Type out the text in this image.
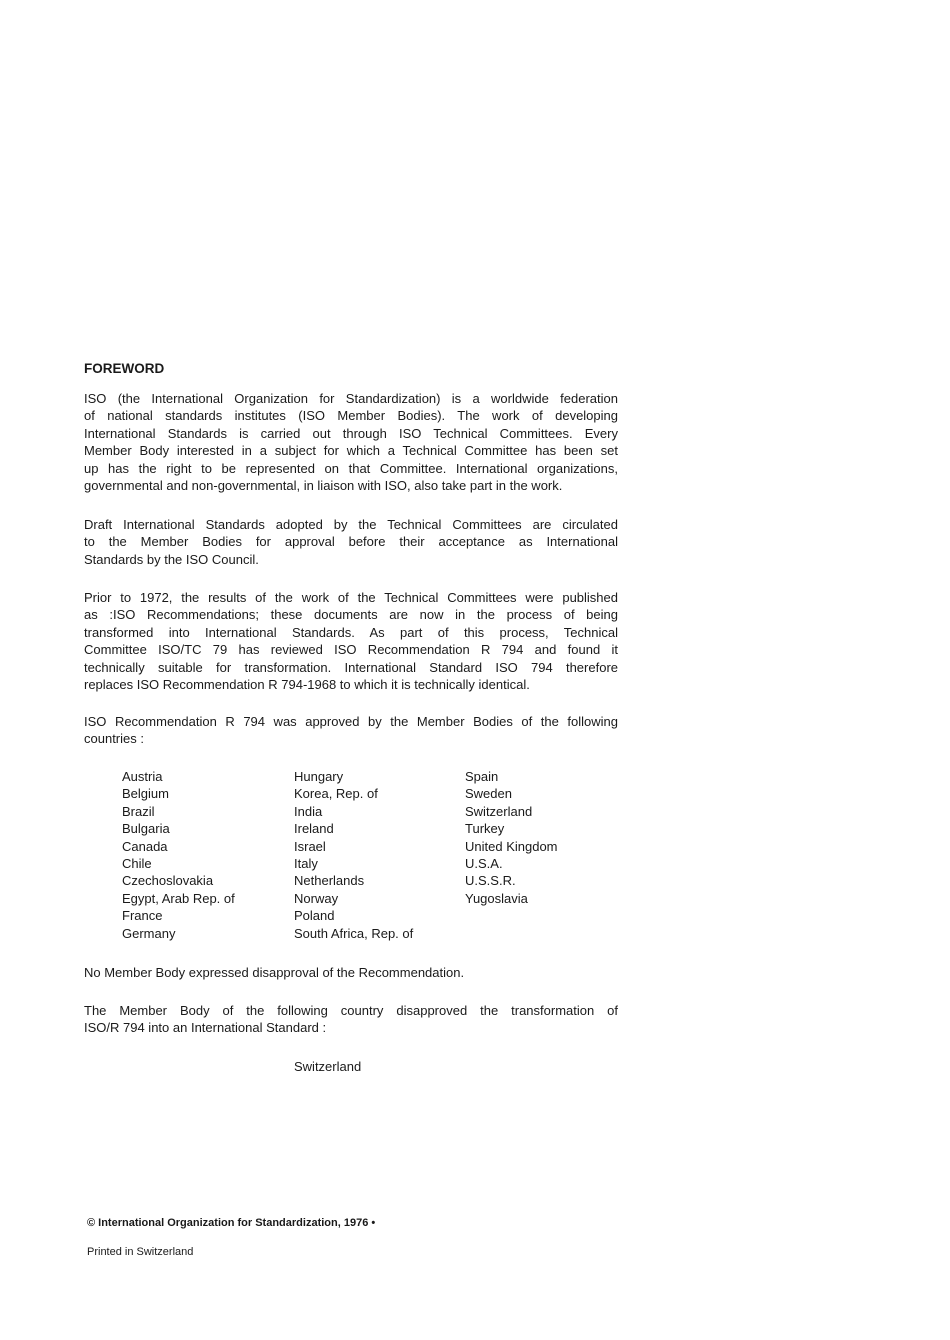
FOREWORD
ISO (the International Organization for Standardization) is a worldwide federation
of national standards institutes (ISO Member Bodies). The work of developing
International Standards is carried out through ISO Technical Committees. Every
Member Body interested in a subject for which a Technical Committee has been set
up has the right to be represented on that Committee. International organizations,
governmental and non-governmental, in liaison with ISO, also take part in the work.
Draft International Standards adopted by the Technical Committees are circulated
to the Member Bodies for approval before their acceptance as International
Standards by the ISO Council.
Prior to 1972, the results of the work of the Technical Committees were published
as :ISO Recommendations; these documents are now in the process of being
transformed into International Standards. As part of this process, Technical
Committee ISO/TC 79 has reviewed ISO Recommendation R 794 and found it
technically suitable for transformation. International Standard ISO 794 therefore
replaces ISO Recommendation R 794-1968 to which it is technically identical.
ISO Recommendation R 794 was approved by the Member Bodies of the following
countries :
Austria
Belgium
Brazil
Bulgaria
Canada
Chile
Czechoslovakia
Egypt, Arab Rep. of
France
Germany
Hungary
Korea, Rep. of
India
Ireland
Israel
Italy
Netherlands
Norway
Poland
South Africa, Rep. of
Spain
Sweden
Switzerland
Turkey
United Kingdom
U.S.A.
U.S.S.R.
Yugoslavia
No Member Body expressed disapproval of the Recommendation.
The Member Body of the following country disapproved the transformation of
ISO/R 794 into an International Standard :
Switzerland
© International Organization for Standardization, 1976 •
Printed in Switzerland
